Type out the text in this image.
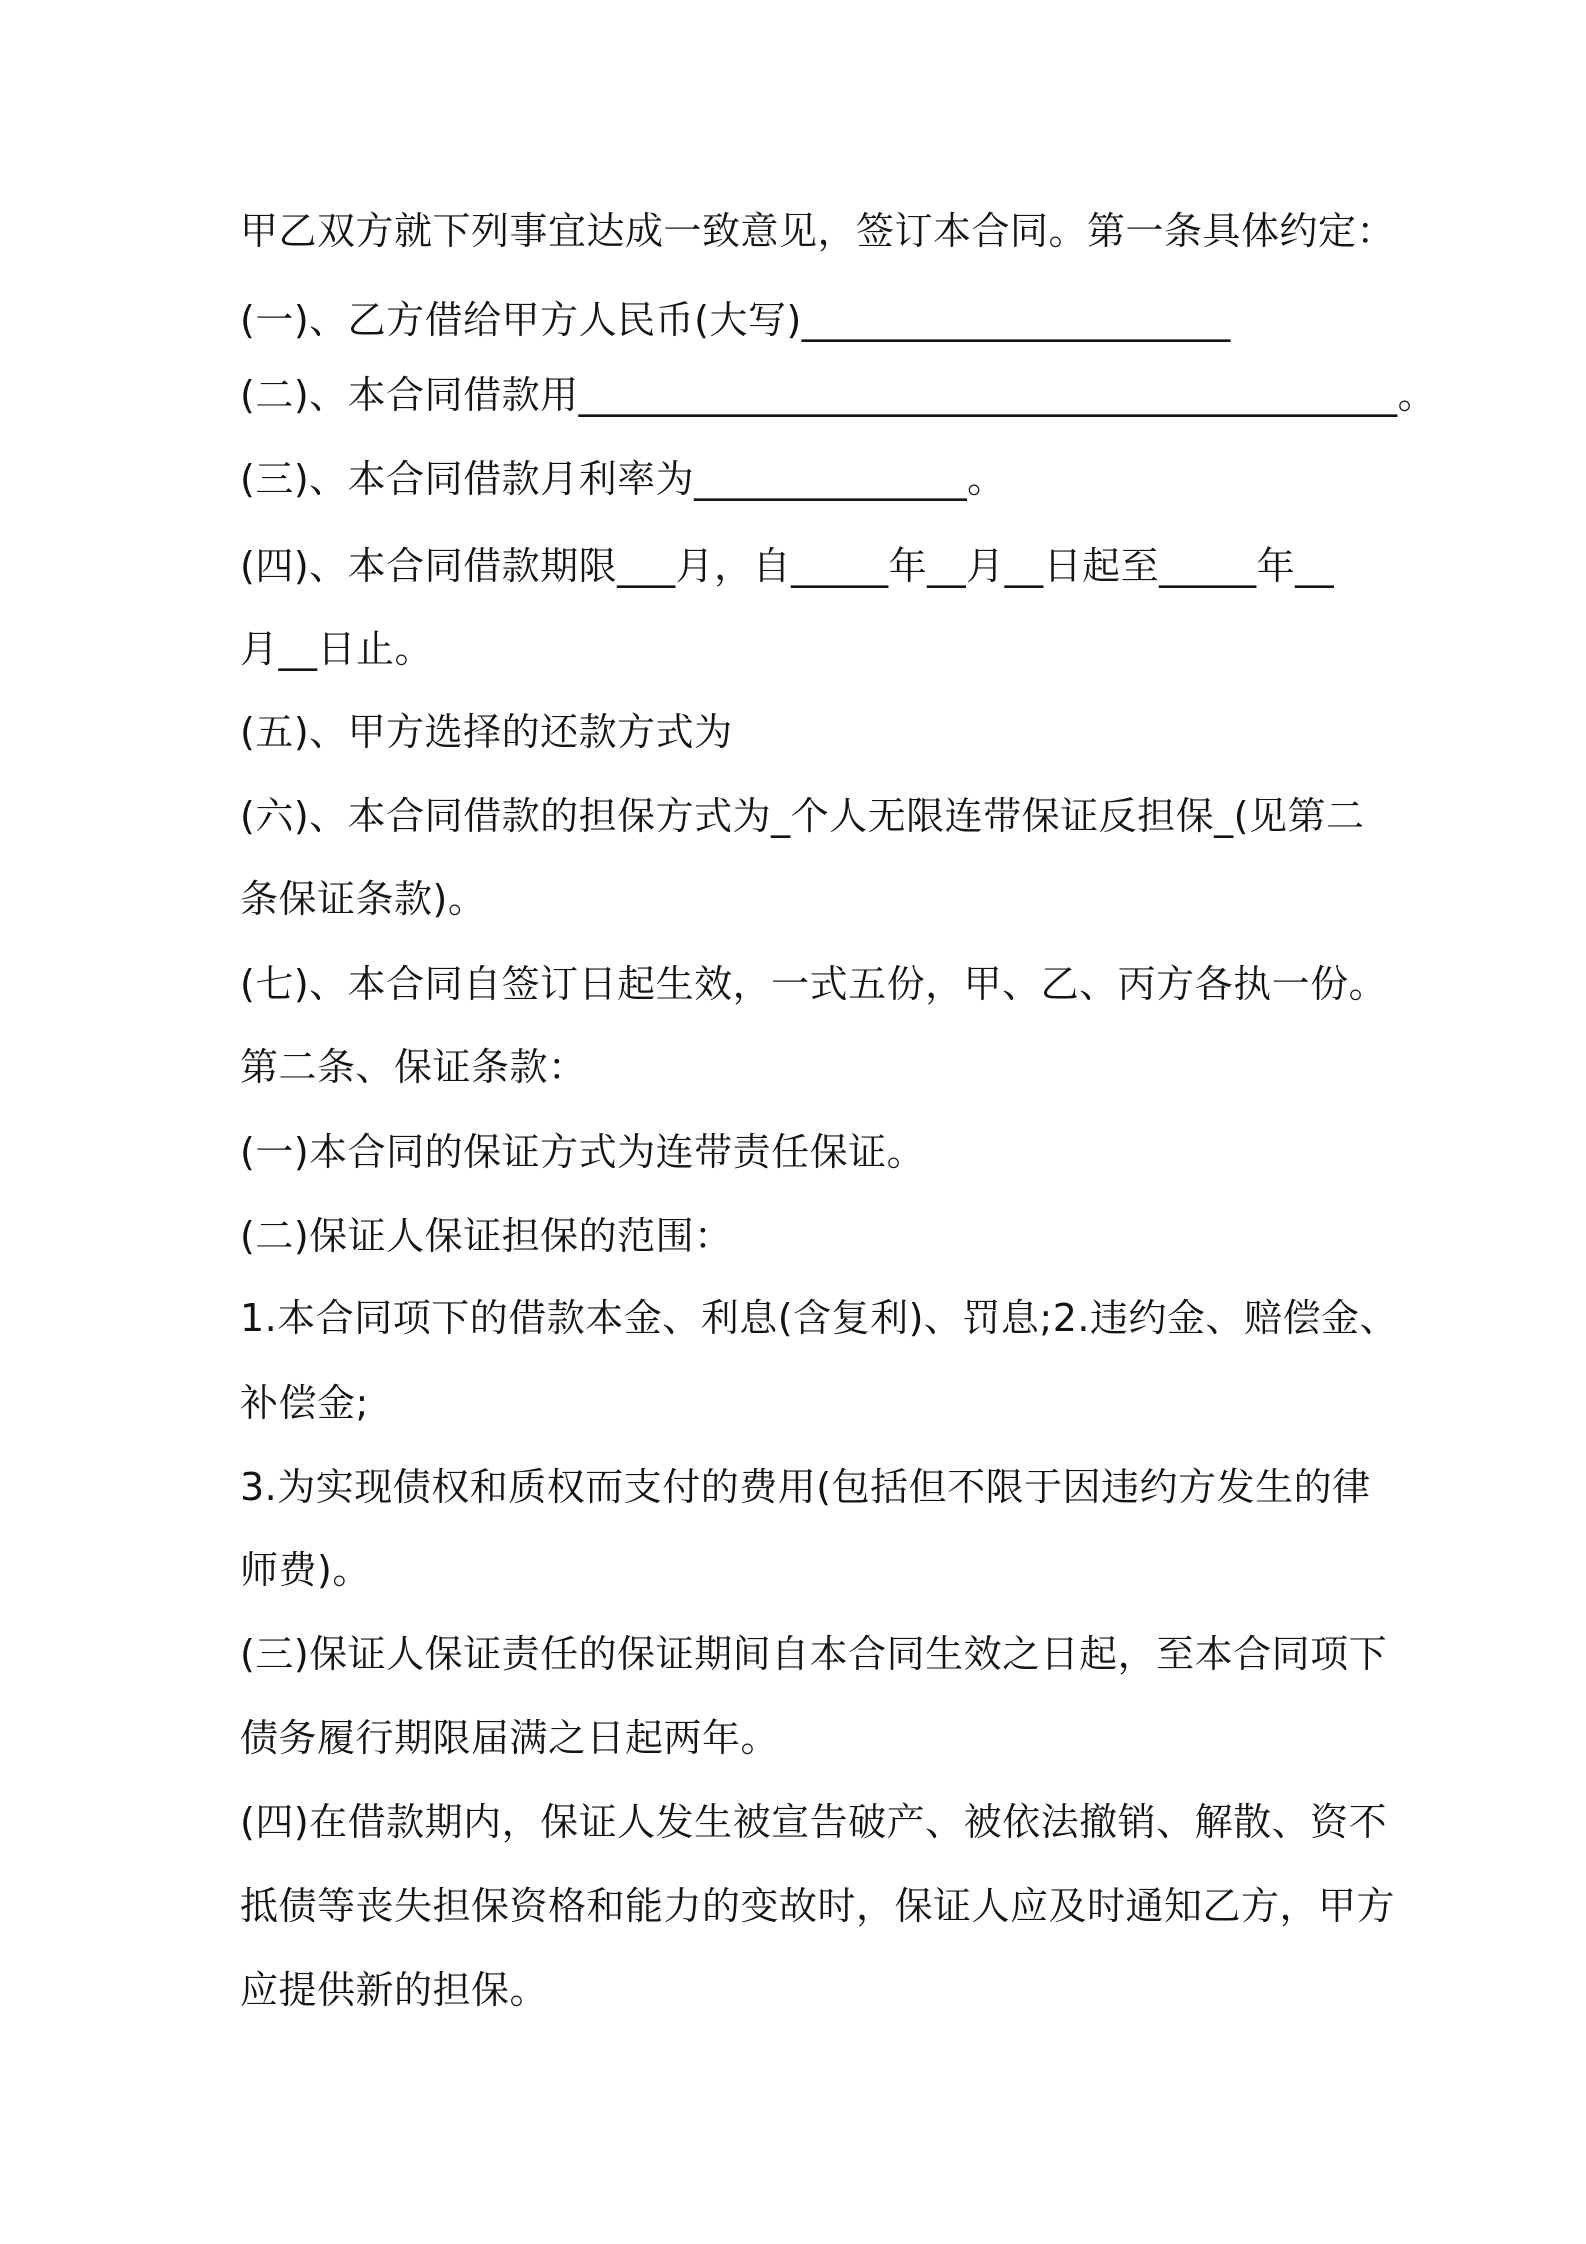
甲乙双方就下列事宜达成一致意见，签订本合同。第一条具体约定：
(一)、乙方借给甲方人民币(大写)______________________
(二)、本合同借款用__________________________________________。
(三)、本合同借款月利率为______________。
(四)、本合同借款期限___月，自_____年__月__日起至_____年__
月__日止。
(五)、甲方选择的还款方式为
(六)、本合同借款的担保方式为_个人无限连带保证反担保_(见第二
条保证条款)。
(七)、本合同自签订日起生效，一式五份，甲、乙、丙方各执一份。
第二条、保证条款：
(一)本合同的保证方式为连带责任保证。
(二)保证人保证担保的范围：
1.本合同项下的借款本金、利息(含复利)、罚息;2.违约金、赔偿金、
补偿金;
3.为实现债权和质权而支付的费用(包括但不限于因违约方发生的律
师费)。
(三)保证人保证责任的保证期间自本合同生效之日起，至本合同项下
债务履行期限届满之日起两年。
(四)在借款期内，保证人发生被宣告破产、被依法撤销、解散、资不
抵债等丧失担保资格和能力的变故时，保证人应及时通知乙方，甲方
应提供新的担保。
